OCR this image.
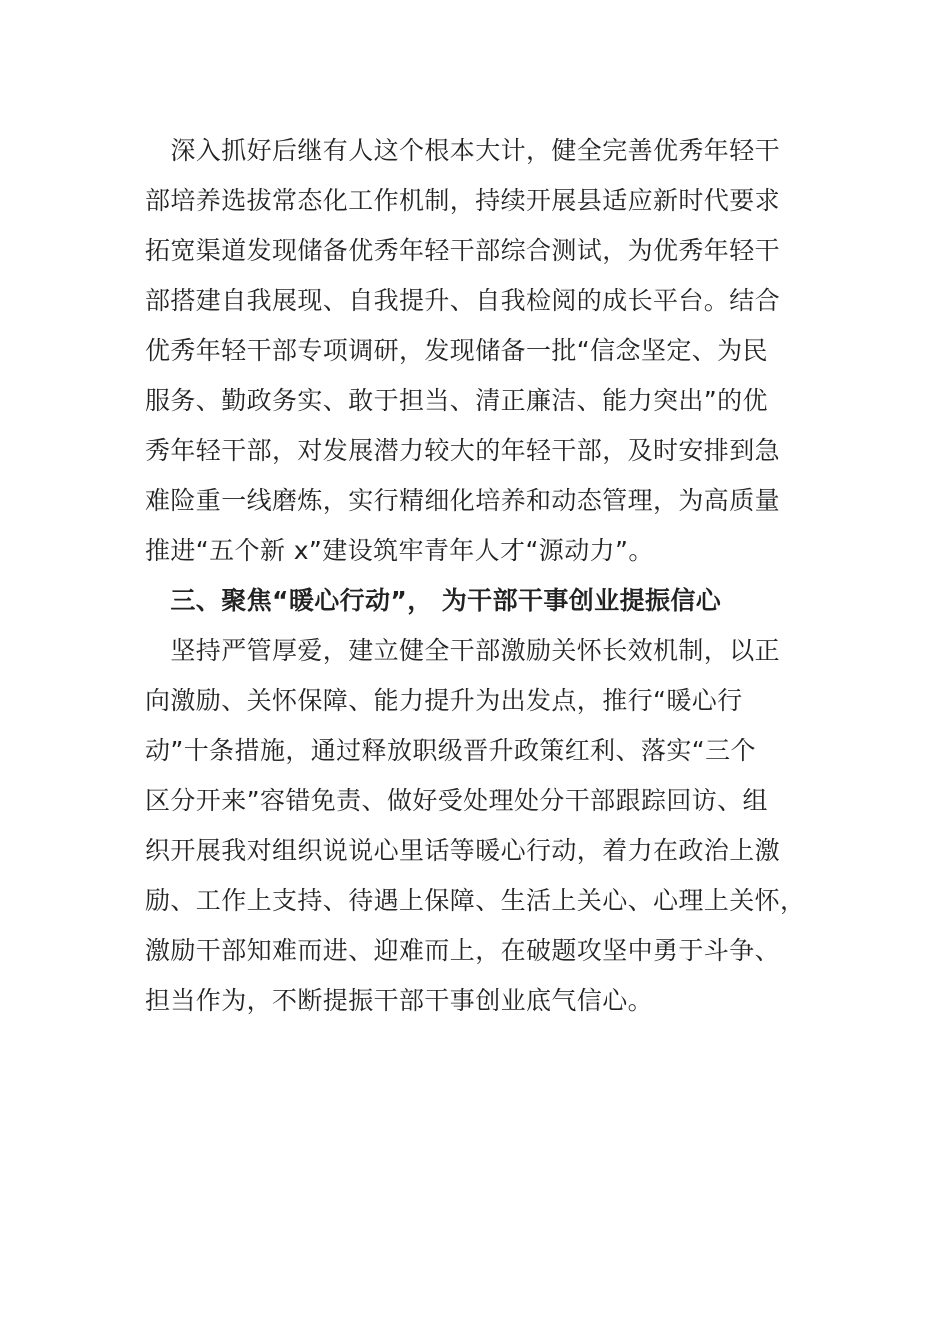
　深入抓好后继有人这个根本大计，健全完善优秀年轻干
部培养选拔常态化工作机制，持续开展县适应新时代要求
拓宽渠道发现储备优秀年轻干部综合测试，为优秀年轻干
部搭建自我展现、自我提升、自我检阅的成长平台。结合
优秀年轻干部专项调研，发现储备一批“信念坚定、为民
服务、勤政务实、敢于担当、清正廉洁、能力突出”的优
秀年轻干部，对发展潜力较大的年轻干部，及时安排到急
难险重一线磨炼，实行精细化培养和动态管理，为高质量
推进“五个新 x”建设筑牢青年人才“源动力”。
　三、聚焦“暖心行动”， 为干部干事创业提振信心
　坚持严管厚爱，建立健全干部激励关怀长效机制，以正
向激励、关怀保障、能力提升为出发点，推行“暖心行
动”十条措施，通过释放职级晋升政策红利、落实“三个
区分开来”容错免责、做好受处理处分干部跟踪回访、组
织开展我对组织说说心里话等暖心行动，着力在政治上激
励、工作上支持、待遇上保障、生活上关心、心理上关怀，
激励干部知难而进、迎难而上，在破题攻坚中勇于斗争、
担当作为，不断提振干部干事创业底气信心。
